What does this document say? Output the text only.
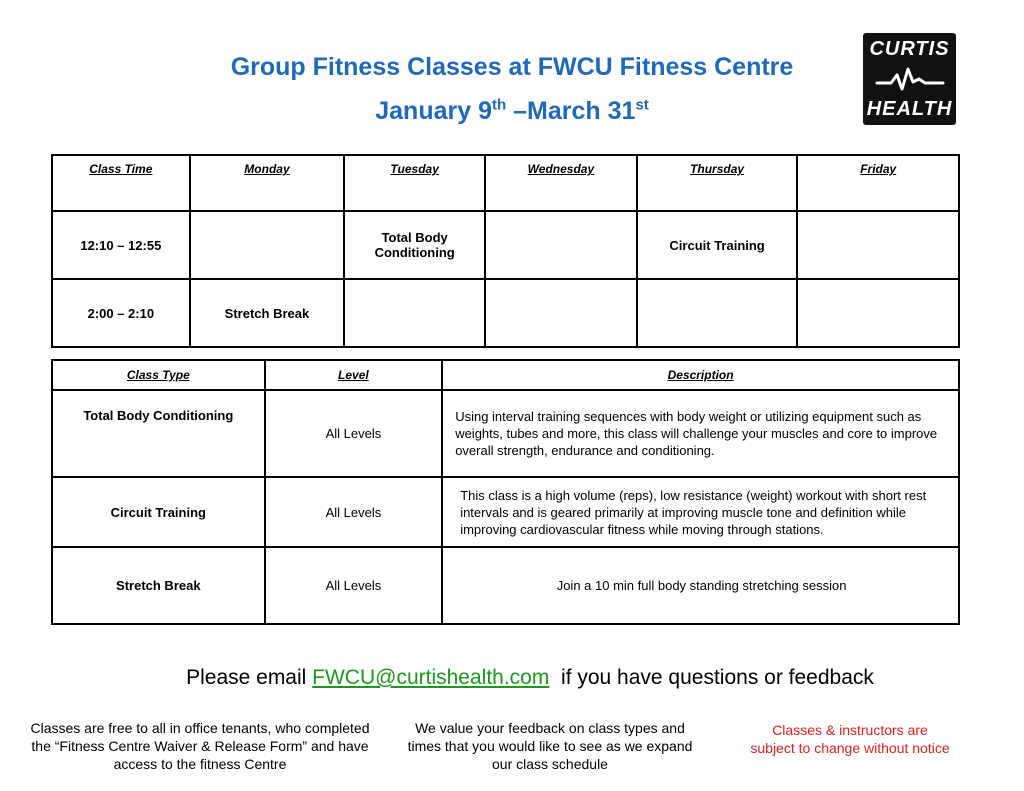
Group Fitness Classes at FWCU Fitness Centre
January 9th –March 31st
CURTIS
HEALTH
Class Time	Monday	Tuesday	Wednesday	Thursday	Friday
12:10 – 12:55		Total Body Conditioning		Circuit Training	
2:00 – 2:10	Stretch Break				
Class Type	Level	Description
Total Body Conditioning	All Levels	Using interval training sequences with body weight or utilizing equipment such as weights, tubes and more, this class will challenge your muscles and core to improve overall strength, endurance and conditioning.
Circuit Training	All Levels	This class is a high volume (reps), low resistance (weight) workout with short rest intervals and is geared primarily at improving muscle tone and definition while improving cardiovascular fitness while moving through stations.
Stretch Break	All Levels	Join a 10 min full body standing stretching session
Please email FWCU@curtishealth.com  if you have questions or feedback
Classes are free to all in office tenants, who completed the “Fitness Centre Waiver & Release Form” and have access to the fitness Centre
We value your feedback on class types and times that you would like to see as we expand our class schedule
Classes & instructors are subject to change without notice
